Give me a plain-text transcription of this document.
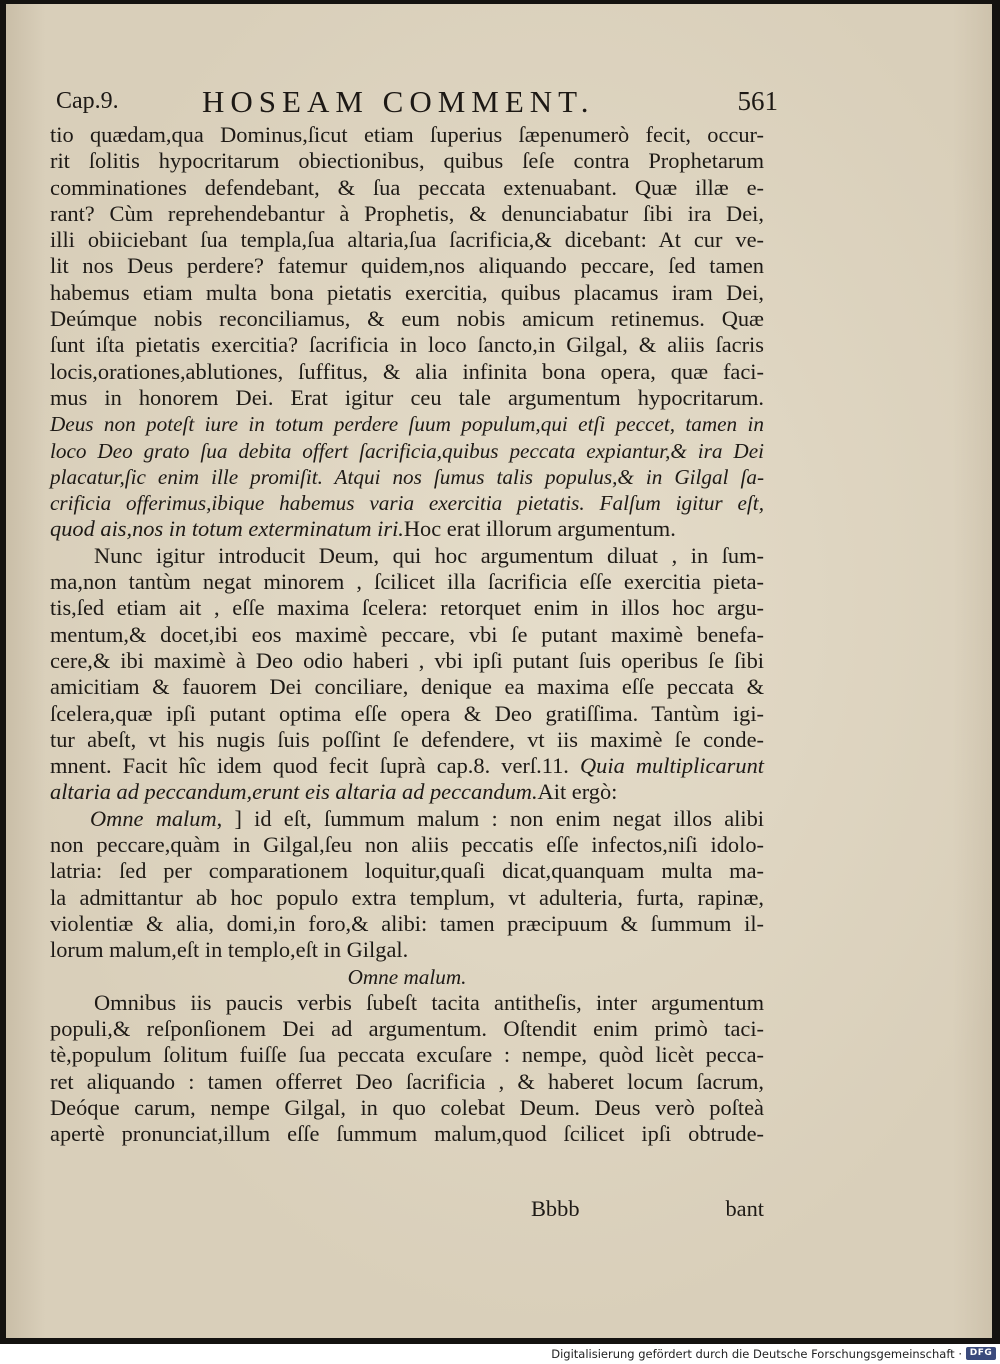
Cap.9.	HOSEAM COMMENT.	561
tio quædam,qua Dominus,ſicut etiam ſuperius ſæpenumerò fecit, occur-
rit ſolitis hypocritarum obiectionibus, quibus ſeſe contra Prophetarum
comminationes defendebant, & ſua peccata extenuabant. Quæ illæ e-
rant? Cùm reprehendebantur à Prophetis, & denunciabatur ſibi ira Dei,
illi obiiciebant ſua templa,ſua altaria,ſua ſacrificia,& dicebant: At cur ve-
lit nos Deus perdere? fatemur quidem,nos aliquando peccare, ſed tamen
habemus etiam multa bona pietatis exercitia, quibus placamus iram Dei,
Deúmque nobis reconciliamus, & eum nobis amicum retinemus. Quæ
ſunt iſta pietatis exercitia? ſacrificia in loco ſancto,in Gilgal, & aliis ſacris
locis,orationes,ablutiones, ſuffitus, & alia infinita bona opera, quæ faci-
mus in honorem Dei. Erat igitur ceu tale argumentum hypocritarum.
Deus non poteſt iure in totum perdere ſuum populum,qui etſi peccet, tamen in
loco Deo grato ſua debita offert ſacrificia,quibus peccata expiantur,& ira Dei
placatur,ſic enim ille promiſit. Atqui nos ſumus talis populus,& in Gilgal ſa-
crificia offerimus,ibique habemus varia exercitia pietatis. Falſum igitur eſt,
quod ais,nos in totum exterminatum iri.Hoc erat illorum argumentum.
Nunc igitur introducit Deum, qui hoc argumentum diluat , in ſum-
ma,non tantùm negat minorem , ſcilicet illa ſacrificia eſſe exercitia pieta-
tis,ſed etiam ait , eſſe maxima ſcelera: retorquet enim in illos hoc argu-
mentum,& docet,ibi eos maximè peccare, vbi ſe putant maximè benefa-
cere,& ibi maximè à Deo odio haberi , vbi ipſi putant ſuis operibus ſe ſibi
amicitiam & fauorem Dei conciliare, denique ea maxima eſſe peccata &
ſcelera,quæ ipſi putant optima eſſe opera & Deo gratiſſima. Tantùm igi-
tur abeſt, vt his nugis ſuis poſſint ſe defendere, vt iis maximè ſe conde-
mnent. Facit hîc idem quod fecit ſuprà cap.8. verſ.11. Quia multiplicarunt
altaria ad peccandum,erunt eis altaria ad peccandum.Ait ergò:
Omne malum, ] id eſt, ſummum malum : non enim negat illos alibi
non peccare,quàm in Gilgal,ſeu non aliis peccatis eſſe infectos,niſi idolo-
latria: ſed per comparationem loquitur,quaſi dicat,quanquam multa ma-
la admittantur ab hoc populo extra templum, vt adulteria, furta, rapinæ,
violentiæ & alia, domi,in foro,& alibi: tamen præcipuum & ſummum il-
lorum malum,eſt in templo,eſt in Gilgal.
Omne malum.
Omnibus iis paucis verbis ſubeſt tacita antitheſis, inter argumentum
populi,& reſponſionem Dei ad argumentum. Oſtendit enim primò taci-
tè,populum ſolitum fuiſſe ſua peccata excuſare : nempe, quòd licèt pecca-
ret aliquando : tamen offerret Deo ſacrificia , & haberet locum ſacrum,
Deóque carum, nempe Gilgal, in quo colebat Deum. Deus verò poſteà
apertè pronunciat,illum eſſe ſummum malum,quod ſcilicet ipſi obtrude-
Bbbb	bant
Digitalisierung gefördert durch die Deutsche Forschungsgemeinschaft · DFG
